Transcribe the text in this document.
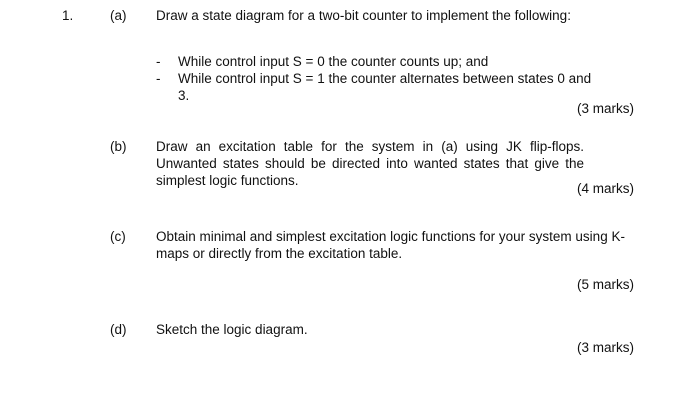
1.	(a) Draw a state diagram for a two-bit counter to implement the following:
- While control input S = 0 the counter counts up; and
- While control input S = 1 the counter alternates between states 0 and 3.
(3 marks)
(b) Draw an excitation table for the system in (a) using JK flip-flops. Unwanted states should be directed into wanted states that give the simplest logic functions.
(4 marks)
(c) Obtain minimal and simplest excitation logic functions for your system using K-maps or directly from the excitation table.
(5 marks)
(d) Sketch the logic diagram.
(3 marks)
